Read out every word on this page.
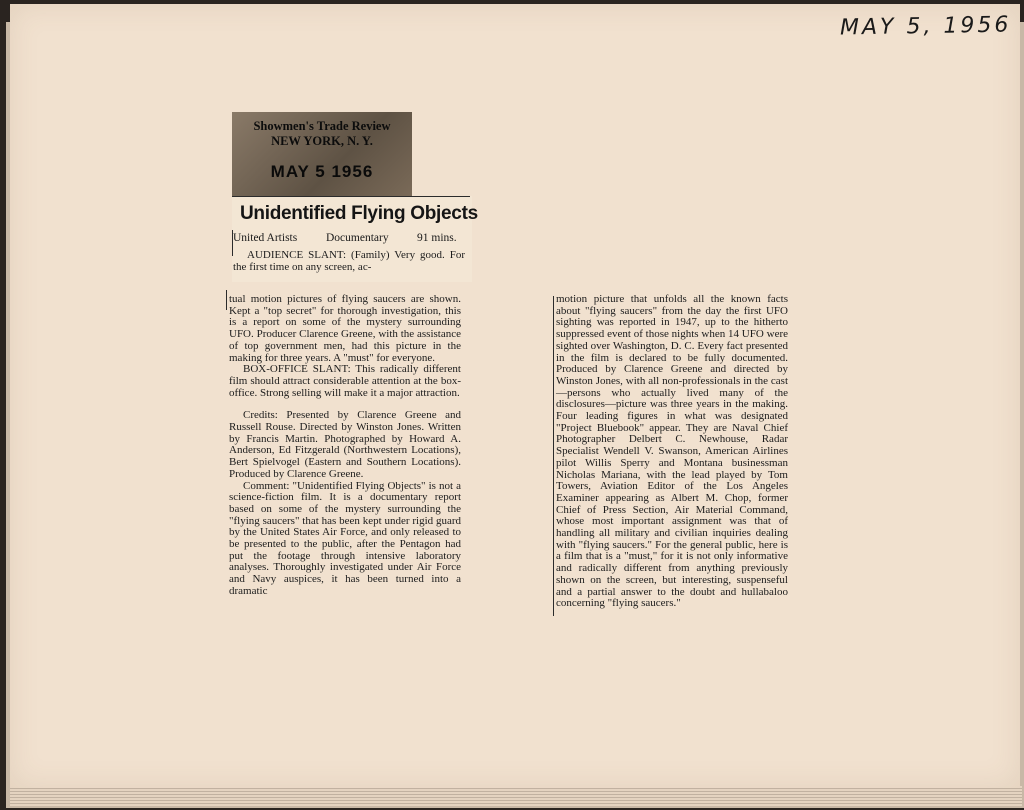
MAY 5, 1956
Showmen's Trade Review
NEW YORK, N. Y.
MAY 5 1956
Unidentified Flying Objects
United Artists	Documentary 91 mins.

AUDIENCE SLANT: (Family) Very good. For the first time on any screen, ac-

tual motion pictures of flying saucers are shown. Kept a "top secret" for thorough investigation, this is a report on some of the mystery surrounding UFO. Producer Clarence Greene, with the assistance of top government men, had this picture in the making for three years. A "must" for everyone.

BOX-OFFICE SLANT: This radically different film should attract considerable attention at the box-office. Strong selling will make it a major attraction.

Credits: Presented by Clarence Greene and Russell Rouse. Directed by Winston Jones. Written by Francis Martin. Photographed by Howard A. Anderson, Ed Fitzgerald (Northwestern Locations), Bert Spielvogel (Eastern and Southern Locations). Produced by Clarence Greene.

Comment: "Unidentified Flying Objects" is not a science-fiction film. It is a documentary report based on some of the mystery surrounding the "flying saucers" that has been kept under rigid guard by the United States Air Force, and only released to be presented to the public, after the Pentagon had put the footage through intensive laboratory analyses. Thoroughly investigated under Air Force and Navy auspices, it has been turned into a dramatic

motion picture that unfolds all the known facts about "flying saucers" from the day the first UFO sighting was reported in 1947, up to the hitherto suppressed event of those nights when 14 UFO were sighted over Washington, D. C. Every fact presented in the film is declared to be fully documented. Produced by Clarence Greene and directed by Winston Jones, with all non-professionals in the cast—persons who actually lived many of the disclosures—picture was three years in the making. Four leading figures in what was designated "Project Bluebook" appear. They are Naval Chief Photographer Delbert C. Newhouse, Radar Specialist Wendell V. Swanson, American Airlines pilot Willis Sperry and Montana businessman Nicholas Mariana, with the lead played by Tom Towers, Aviation Editor of the Los Angeles Examiner appearing as Albert M. Chop, former Chief of Press Section, Air Material Command, whose most important assignment was that of handling all military and civilian inquiries dealing with "flying saucers." For the general public, here is a film that is a "must," for it is not only informative and radically different from anything previously shown on the screen, but interesting, suspenseful and a partial answer to the doubt and hullabaloo concerning "flying saucers."
